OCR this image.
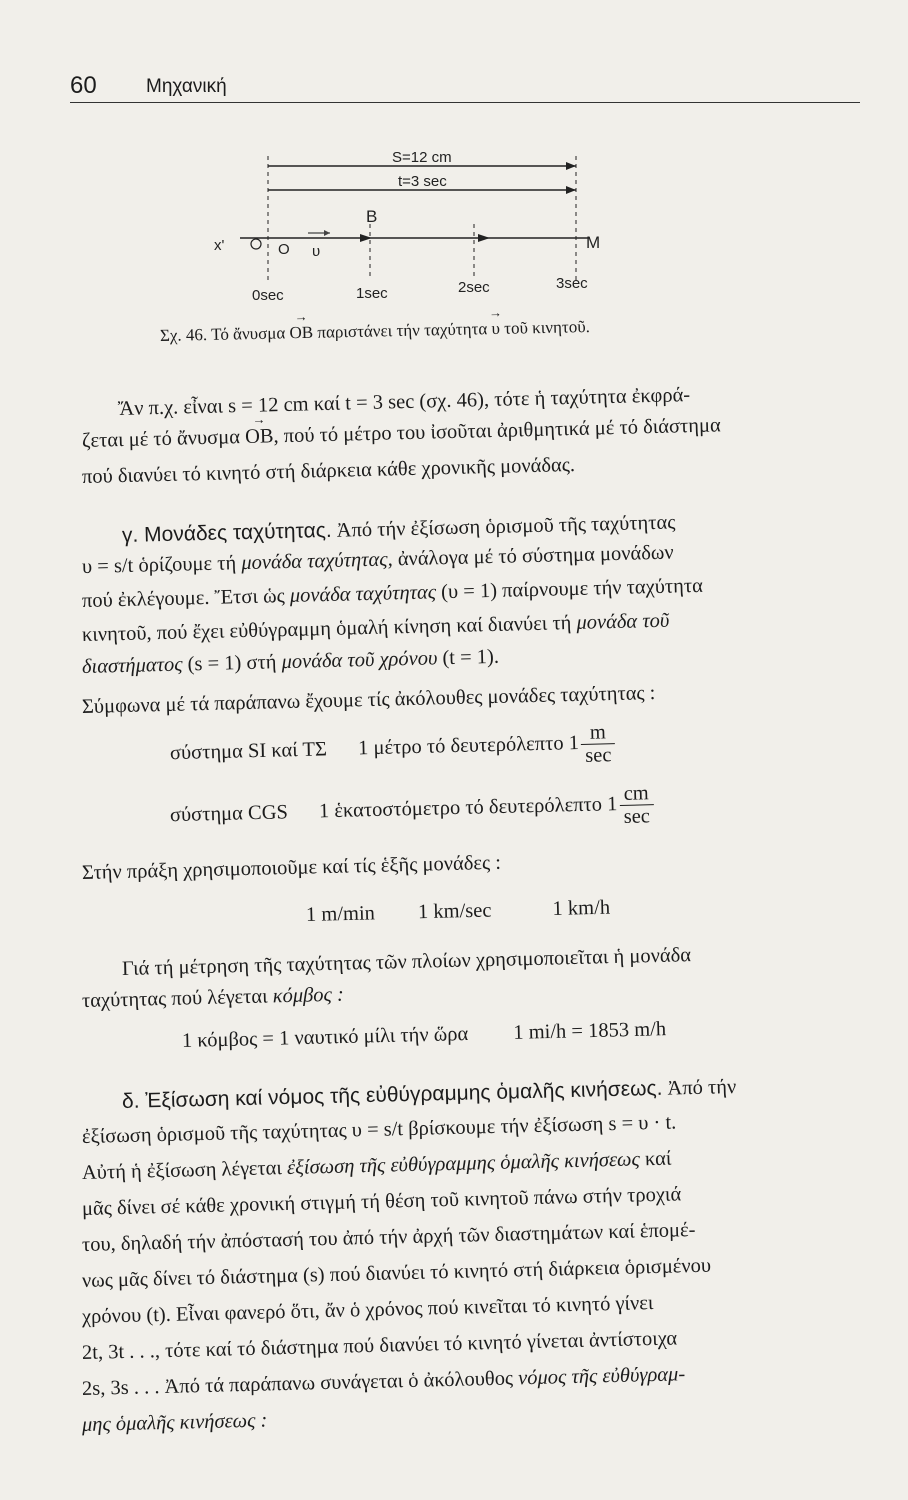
60	Μηχανική
S=12 cm
t=3 sec
υ
x'	O
B
M
0sec	1sec	2sec	3sec
Σχ. 46. Τό ἄνυσμα → OB παριστάνει τήν ταχύτητα → υ τοῦ κινητοῦ.
Ἄν π.χ. εἶναι s = 12 cm καί t = 3 sec (σχ. 46), τότε ἡ ταχύτητα ἐκφρά-
ζεται μέ τό ἄνυσμα → OB, πού τό μέτρο του ἰσοῦται ἀριθμητικά μέ τό διάστημα
πού διανύει τό κινητό στή διάρκεια κάθε χρονικῆς μονάδας.
γ. Μονάδες ταχύτητας. Ἀπό τήν ἐξίσωση ὁρισμοῦ τῆς ταχύτητας
υ = s/t ὁρίζουμε τή μονάδα ταχύτητας, ἀνάλογα μέ τό σύστημα μονάδων
πού ἐκλέγουμε. Ἔτσι ὡς μονάδα ταχύτητας (υ = 1) παίρνουμε τήν ταχύτητα
κινητοῦ, πού ἔχει εὐθύγραμμη ὁμαλή κίνηση καί διανύει τή μονάδα τοῦ
διαστήματος (s = 1) στή μονάδα τοῦ χρόνου (t = 1).
Σύμφωνα μέ τά παράπανω ἔχουμε τίς ἀκόλουθες μονάδες ταχύτητας :
σύστημα SI καί ΤΣ 1 μέτρο τό δευτερόλεπτο $1 \frac{m}{\sec}$
σύστημα CGS 1 ἑκατοστόμετρο τό δευτερόλεπτο $1 \frac{cm}{\sec}$
Στήν πράξη χρησιμοποιοῦμε καί τίς ἑξῆς μονάδες :
1 m/min 1 km/sec	1 km/h
Γιά τή μέτρηση τῆς ταχύτητας τῶν πλοίων χρησιμοποιεῖται ἡ μονάδα
ταχύτητας πού λέγεται κόμβος :
1 κόμβος = 1 ναυτικό μίλι τήν ὥρα 1 mi/h = 1853 m/h
δ. Ἐξίσωση καί νόμος τῆς εὐθύγραμμης ὁμαλῆς κινήσεως. Ἀπό τήν
ἐξίσωση ὁρισμοῦ τῆς ταχύτητας υ = s/t βρίσκουμε τήν ἐξίσωση s = υ · t.
Αὐτή ἡ ἐξίσωση λέγεται ἐξίσωση τῆς εὐθύγραμμης ὁμαλῆς κινήσεως καί
μᾶς δίνει σέ κάθε χρονική στιγμή τή θέση τοῦ κινητοῦ πάνω στήν τροχιά
του, δηλαδή τήν ἀπόστασή του ἀπό τήν ἀρχή τῶν διαστημάτων καί ἑπομέ-
νως μᾶς δίνει τό διάστημα (s) πού διανύει τό κινητό στή διάρκεια ὁρισμένου
χρόνου (t). Εἶναι φανερό ὅτι, ἄν ὁ χρόνος πού κινεῖται τό κινητό γίνει
2t, 3t . . ., τότε καί τό διάστημα πού διανύει τό κινητό γίνεται ἀντίστοιχα
2s, 3s . . . Ἀπό τά παράπανω συνάγεται ὁ ἀκόλουθος νόμος τῆς εὐθύγραμ-
μης ὁμαλῆς κινήσεως :
